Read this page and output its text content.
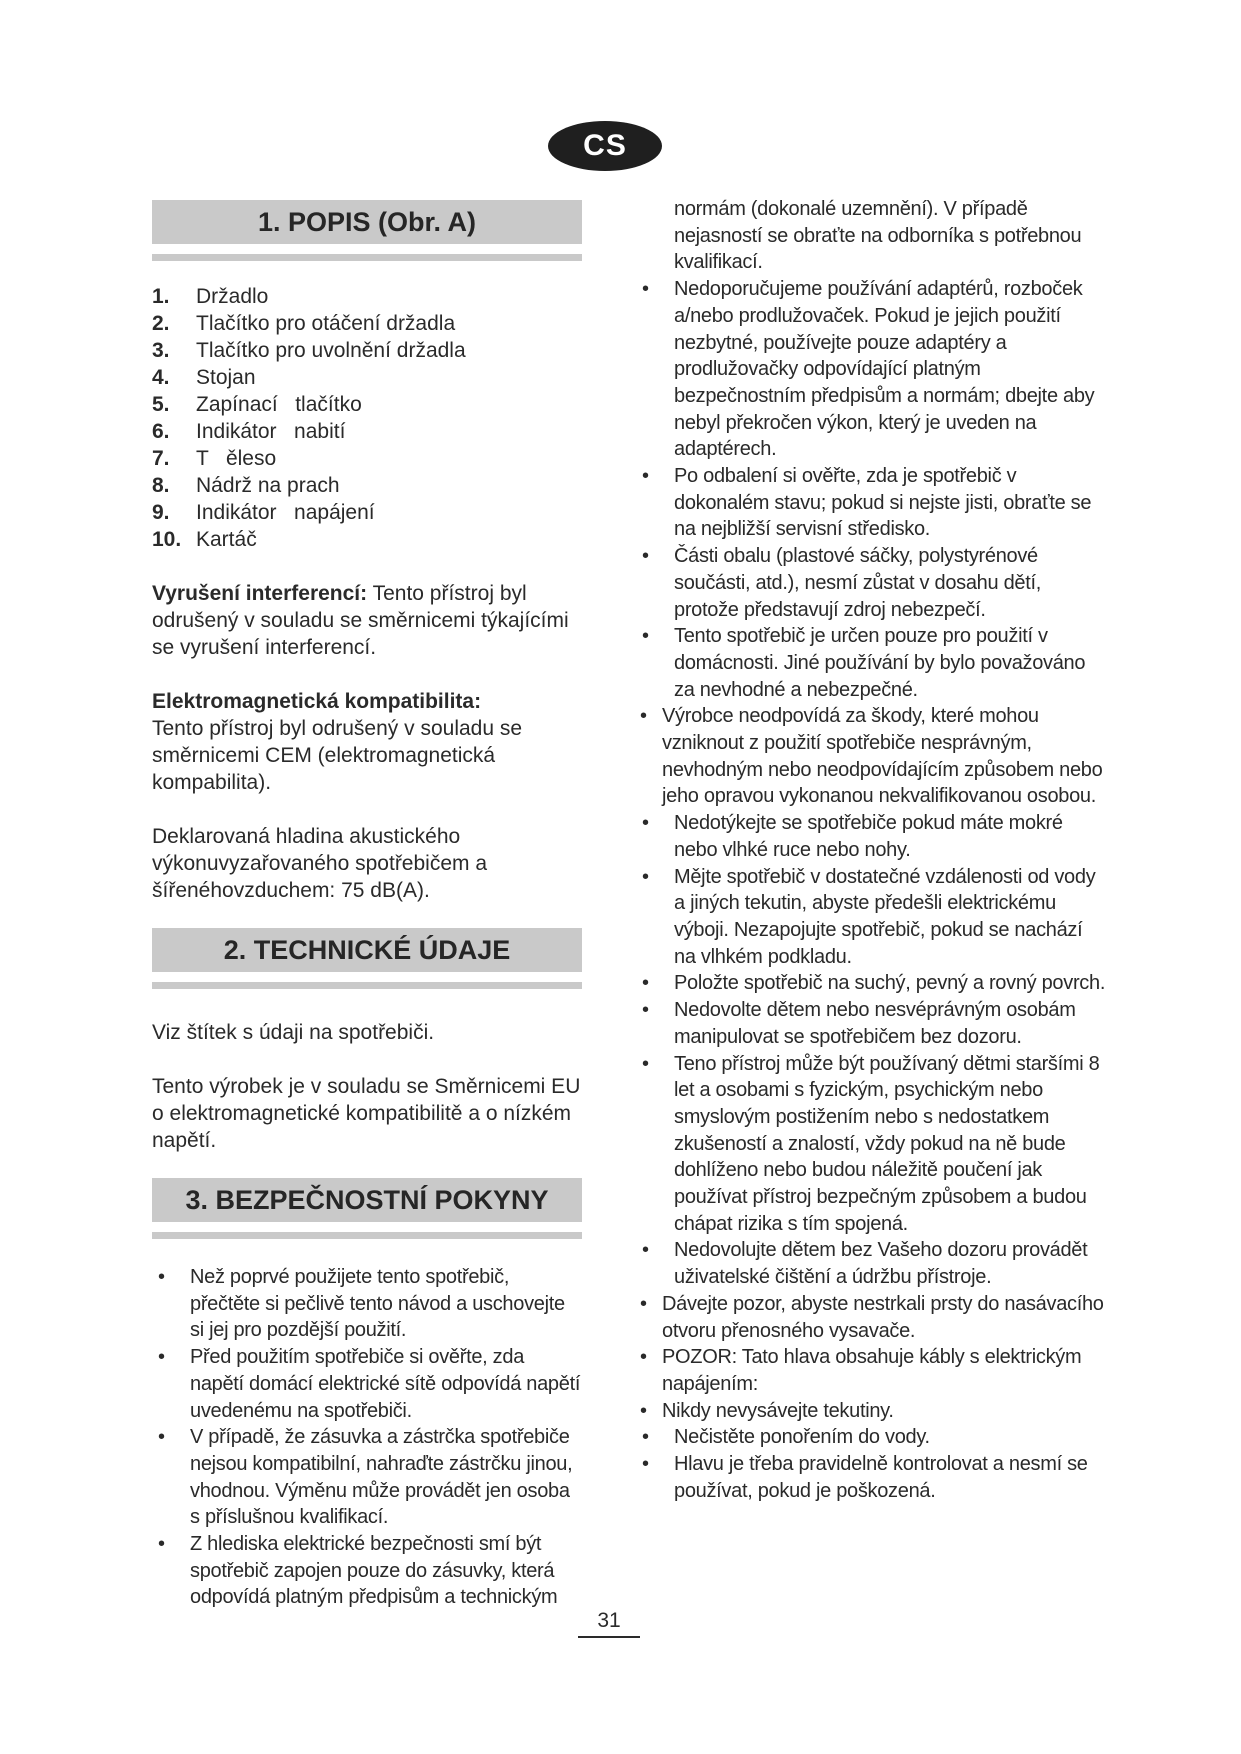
CS
1. POPIS (Obr. A)
1.	Držadlo
2.	Tlačítko pro otáčení držadla
3.	Tlačítko pro uvolnění držadla
4.	Stojan
5.	Zapínací   tlačítko
6.	Indikátor   nabití
7.	T   ěleso
8.	Nádrž na prach
9.	Indikátor   napájení
10. Kartáč

Vyrušení interferencí: Tento přístroj byl odrušený v souladu se směrnicemi týkajícími se vyrušení interferencí.

Elektromagnetická kompatibilita:
Tento přístroj byl odrušený v souladu se směrnicemi CEM (elektromagnetická kompabilita).

Deklarovaná hladina akustického výkonuvyzařovaného spotřebičem a šířenéhovzduchem: 75 dB(A).

2. TECHNICKÉ ÚDAJE

Viz štítek s údaji na spotřebiči.

Tento výrobek je v souladu se Směrnicemi EU o elektromagnetické kompatibilitě a o nízkém napětí.

3. BEZPEČNOSTNÍ POKYNY
• Než poprvé použijete tento spotřebič, přečtěte si pečlivě tento návod a uschovejte si jej pro pozdější použití.
• Před použitím spotřebiče si ověřte, zda napětí domácí elektrické sítě odpovídá napětí uvedenému na spotřebiči.
• V případě, že zásuvka a zástrčka spotřebiče nejsou kompatibilní, nahraďte zástrčku jinou, vhodnou. Výměnu může provádět jen osoba s příslušnou kvalifikací.
• Z hlediska elektrické bezpečnosti smí být spotřebič zapojen pouze do zásuvky, která odpovídá platným předpisům a technickým

normám (dokonalé uzemnění). V případě nejasností se obraťte na odborníka s potřebnou kvalifikací.

• Nedoporučujeme používání adaptérů, rozboček a/nebo prodlužovaček. Pokud je jejich použití nezbytné, používejte pouze adaptéry a prodlužovačky odpovídající platným bezpečnostním předpisům a normám; dbejte aby nebyl překročen výkon, který je uveden na adaptérech.
• Po odbalení si ověřte, zda je spotřebič v dokonalém stavu; pokud si nejste jisti, obraťte se na nejbližší servisní středisko.
• Části obalu (plastové sáčky, polystyrénové součásti, atd.), nesmí zůstat v dosahu dětí, protože představují zdroj nebezpečí.
• Tento spotřebič je určen pouze pro použití v domácnosti. Jiné používání by bylo považováno za nevhodné a nebezpečné.
• Výrobce neodpovídá za škody, které mohou vzniknout z použití spotřebiče nesprávným, nevhodným nebo neodpovídajícím způsobem nebo jeho opravou vykonanou nekvalifikovanou osobou.
• Nedotýkejte se spotřebiče pokud máte mokré nebo vlhké ruce nebo nohy.
• Mějte spotřebič v dostatečné vzdálenosti od vody a jiných tekutin, abyste předešli elektrickému výboji. Nezapojujte spotřebič, pokud se nachází na vlhkém podkladu.
• Položte spotřebič na suchý, pevný a rovný povrch.
• Nedovolte dětem nebo nesvéprávným osobám manipulovat se spotřebičem bez dozoru.
• Teno přístroj může být používaný dětmi staršími 8 let a osobami s fyzickým, psychickým nebo smyslovým postižením nebo s nedostatkem zkušeností a znalostí, vždy pokud na ně bude dohlíženo nebo budou náležitě poučení jak používat přístroj bezpečným způsobem a budou chápat rizika s tím spojená.
• Nedovolujte dětem bez Vašeho dozoru provádět uživatelské čištění a údržbu přístroje.
• Dávejte pozor, abyste nestrkali prsty do nasávacího otvoru přenosného vysavače.
• POZOR: Tato hlava obsahuje kábly s elektrickým napájením:
• Nikdy nevysávejte tekutiny.
• Nečistěte ponořením do vody.
• Hlavu je třeba pravidelně kontrolovat a nesmí se používat, pokud je poškozená.
31
